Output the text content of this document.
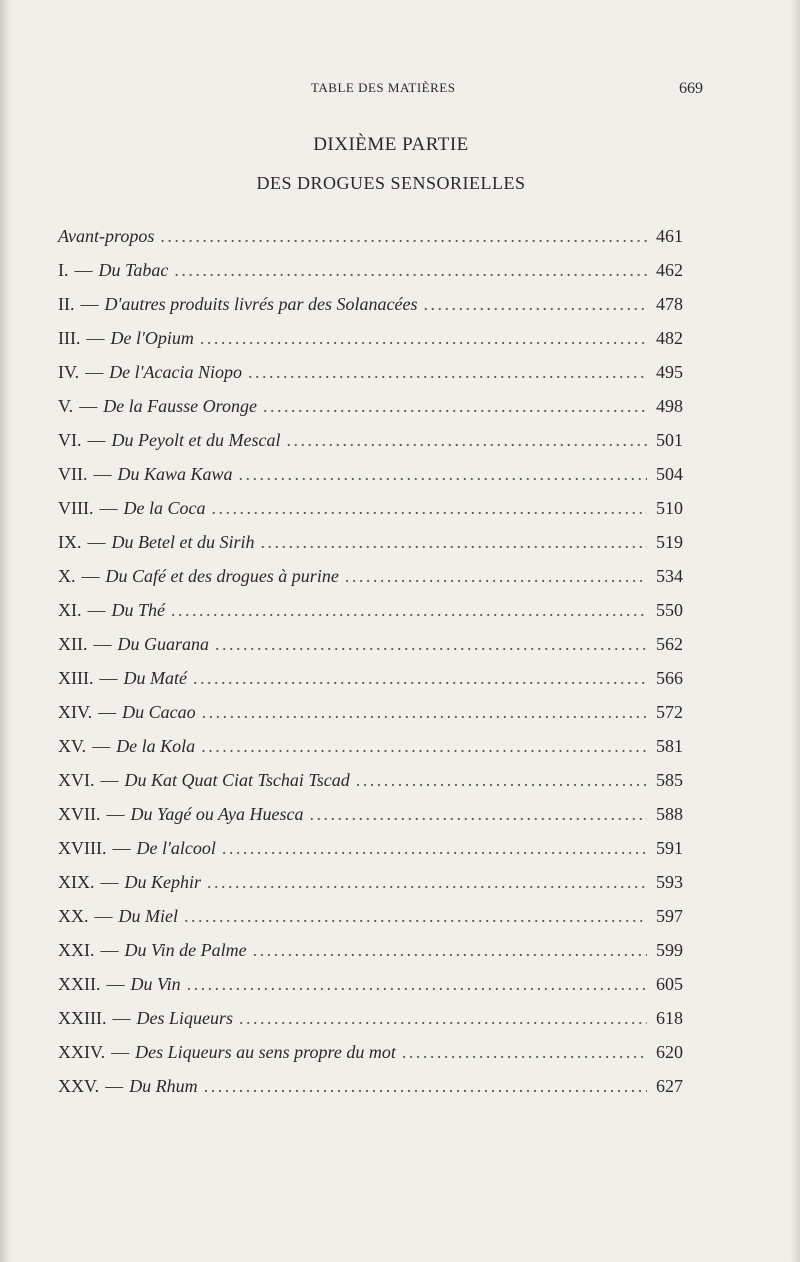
TABLE DES MATIÈRES	669
DIXIÈME PARTIE
DES DROGUES SENSORIELLES
Avant-propos . . .	461
I. — Du Tabac . . .	462
II. — D'autres produits livrés par des Solanacées . . .	478
III. — De l'Opium . . .	482
IV. — De l'Acacia Niopo . . .	495
V. — De la Fausse Oronge . . .	498
VI. — Du Peyolt et du Mescal . . .	501
VII. — Du Kawa Kawa . . .	504
VIII. — De la Coca . . .	510
IX. — Du Betel et du Sirih . . .	519
X. — Du Café et des drogues à purine . . .	534
XI. — Du Thé . . .	550
XII. — Du Guarana . . .	562
XIII. — Du Maté . . .	566
XIV. — Du Cacao . . .	572
XV. — De la Kola . . .	581
XVI. — Du Kat Quat Ciat Tschai Tscad . . .	585
XVII. — Du Yagé ou Aya Huesca . . .	588
XVIII. — De l'alcool . . .	591
XIX. — Du Kephir . . .	593
XX. — Du Miel . . .	597
XXI. — Du Vin de Palme . . .	599
XXII. — Du Vin . . .	605
XXIII. — Des Liqueurs . . .	618
XXIV. — Des Liqueurs au sens propre du mot . . .	620
XXV. — Du Rhum . . .	627
